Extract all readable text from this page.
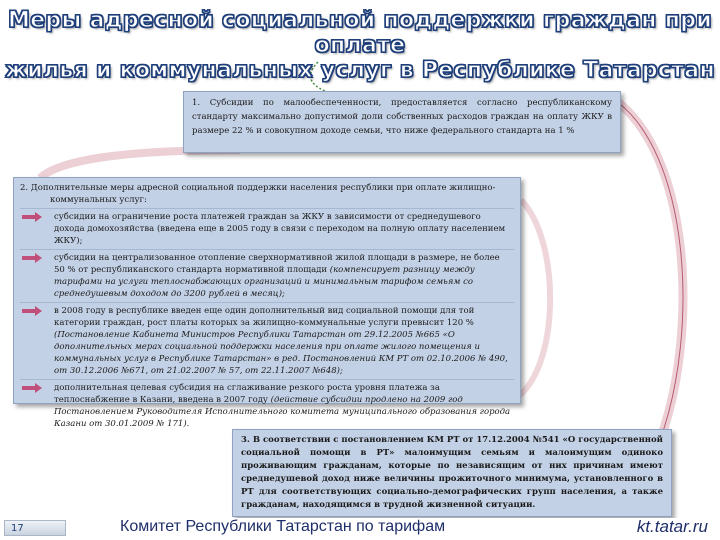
Меры адресной социальной поддержки граждан при оплате
жилья и коммунальных услуг в Республике Татарстан
1. Субсидии по малообеспеченности, предоставляется согласно республиканскому стандарту максимально допустимой доли собственных расходов граждан на оплату ЖКУ в размере 22 % и совокупном доходе семьи, что ниже федерального стандарта на 1 %
2. Дополнительные меры адресной социальной поддержки населения республики при оплате жилищно-
коммунальных услуг:
субсидии на ограничение роста платежей граждан за ЖКУ в зависимости от среднедушевого дохода домохозяйства (введена еще в 2005 году в связи с переходом на полную оплату населением ЖКУ);
субсидии на централизованное отопление сверхнормативной жилой площади в размере, не более 50 % от республиканского стандарта нормативной площади (компенсирует разницу между тарифами на услуги теплоснабжающих организаций и минимальным тарифом семьям со среднедушевым доходом до 3200 рублей в месяц);
в 2008 году в республике введен еще один дополнительный вид социальной помощи для той категории граждан, рост платы которых за жилищно-коммунальные услуги превысит 120 % (Постановление Кабинета Министров Республики Татарстан от 29.12.2005 №665 «О дополнительных мерах социальной поддержки населения при оплате жилого помещения и коммунальных услуг в Республике Татарстан» в ред. Постановлений КМ РТ от 02.10.2006 № 490, от 30.12.2006 №671, от 21.02.2007 № 57, от 22.11.2007 №648);
дополнительная целевая субсидия на сглаживание резкого роста уровня платежа за теплоснабжение в Казани, введена в 2007 году (действие субсидии продлено на 2009 год Постановлением Руководителя Исполнительного комитета муниципального образования города Казани от 30.01.2009 № 171).
3. В соответствии с постановлением КМ РТ от 17.12.2004 №541 «О государственной социальной помощи в РТ» малоимущим семьям и малоимущим одиноко проживающим гражданам, которые по независящим от них причинам имеют среднедушевой доход ниже величины прожиточного минимума, установленного в РТ для соответствующих социально-демографических групп населения, а также гражданам, находящимся в трудной жизненной ситуации.
17	Комитет Республики Татарстан по тарифам	kt.tatar.ru
